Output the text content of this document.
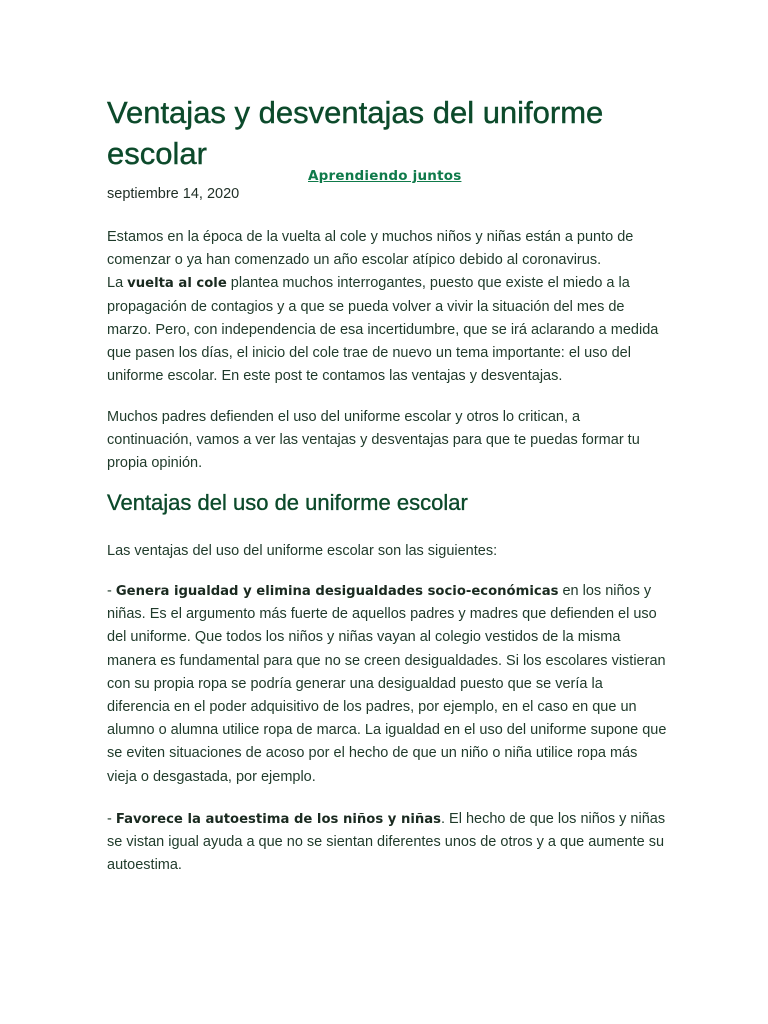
Ventajas y desventajas del uniforme escolar
Aprendiendo juntos
septiembre 14, 2020
Estamos en la época de la vuelta al cole y muchos niños y niñas están a punto de comenzar o ya han comenzado un año escolar atípico debido al coronavirus.
La vuelta al cole plantea muchos interrogantes, puesto que existe el miedo a la propagación de contagios y a que se pueda volver a vivir la situación del mes de marzo. Pero, con independencia de esa incertidumbre, que se irá aclarando a medida que pasen los días, el inicio del cole trae de nuevo un tema importante: el uso del uniforme escolar. En este post te contamos las ventajas y desventajas.

Muchos padres defienden el uso del uniforme escolar y otros lo critican, a continuación, vamos a ver las ventajas y desventajas para que te puedas formar tu propia opinión.

Ventajas del uso de uniforme escolar

Las ventajas del uso del uniforme escolar son las siguientes:

- Genera igualdad y elimina desigualdades socio-económicas en los niños y niñas. Es el argumento más fuerte de aquellos padres y madres que defienden el uso del uniforme. Que todos los niños y niñas vayan al colegio vestidos de la misma manera es fundamental para que no se creen desigualdades. Si los escolares vistieran con su propia ropa se podría generar una desigualdad puesto que se vería la diferencia en el poder adquisitivo de los padres, por ejemplo, en el caso en que un alumno o alumna utilice ropa de marca. La igualdad en el uso del uniforme supone que se eviten situaciones de acoso por el hecho de que un niño o niña utilice ropa más vieja o desgastada, por ejemplo.
- Favorece la autoestima de los niños y niñas. El hecho de que los niños y niñas se vistan igual ayuda a que no se sientan diferentes unos de otros y a que aumente su autoestima.
